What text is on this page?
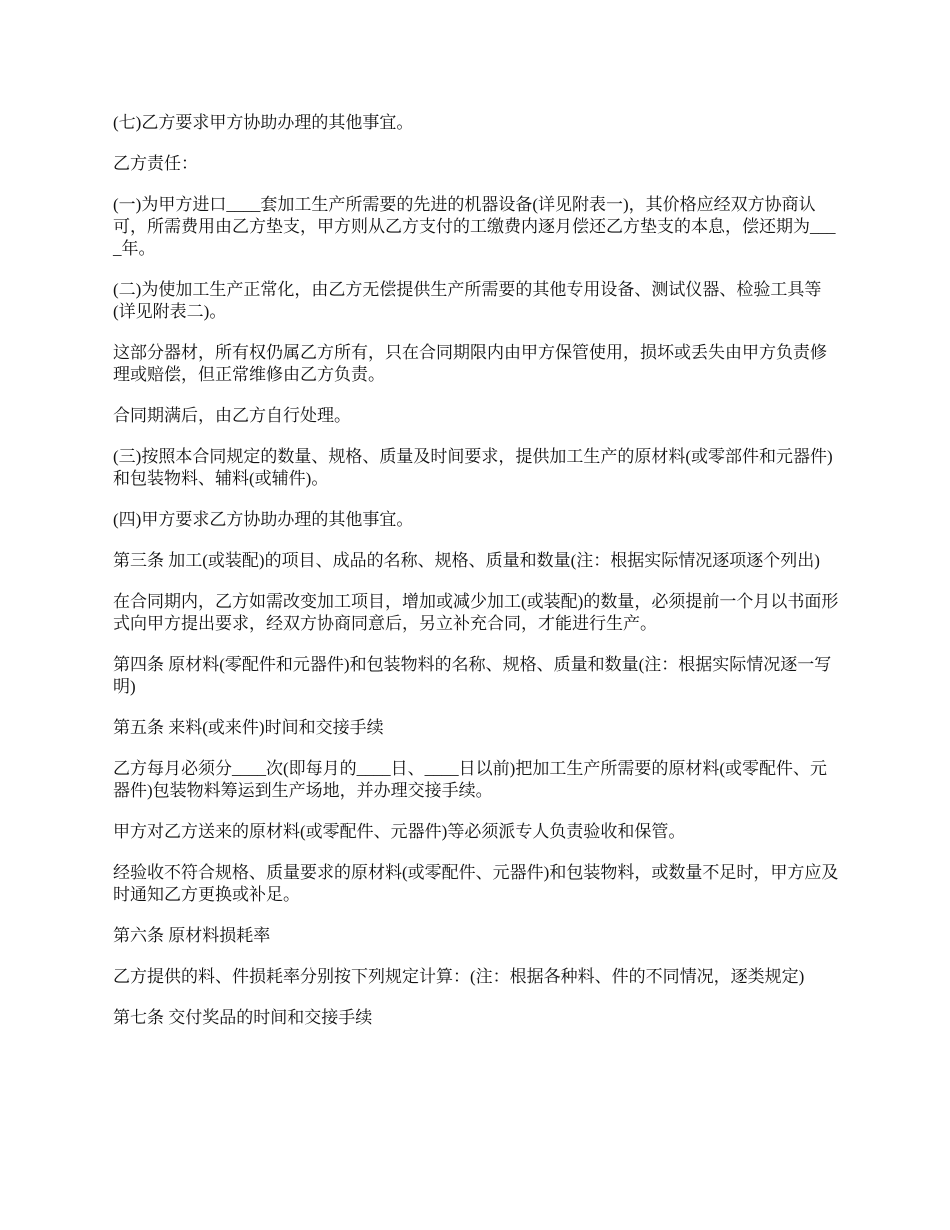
(七)乙方要求甲方协助办理的其他事宜。

乙方责任：

(一)为甲方进口____套加工生产所需要的先进的机器设备(详见附表一)，其价格应经双方协商认可，所需费用由乙方垫支，甲方则从乙方支付的工缴费内逐月偿还乙方垫支的本息，偿还期为____年。

(二)为使加工生产正常化，由乙方无偿提供生产所需要的其他专用设备、测试仪器、检验工具等(详见附表二)。

这部分器材，所有权仍属乙方所有，只在合同期限内由甲方保管使用，损坏或丢失由甲方负责修理或赔偿，但正常维修由乙方负责。

合同期满后，由乙方自行处理。

(三)按照本合同规定的数量、规格、质量及时间要求，提供加工生产的原材料(或零部件和元器件)和包装物料、辅料(或辅件)。

(四)甲方要求乙方协助办理的其他事宜。

第三条 加工(或装配)的项目、成品的名称、规格、质量和数量(注：根据实际情况逐项逐个列出)

在合同期内，乙方如需改变加工项目，增加或减少加工(或装配)的数量，必须提前一个月以书面形式向甲方提出要求，经双方协商同意后，另立补充合同，才能进行生产。

第四条 原材料(零配件和元器件)和包装物料的名称、规格、质量和数量(注：根据实际情况逐一写明)

第五条 来料(或来件)时间和交接手续

乙方每月必须分____次(即每月的____日、____日以前)把加工生产所需要的原材料(或零配件、元器件)包装物料筹运到生产场地，并办理交接手续。

甲方对乙方送来的原材料(或零配件、元器件)等必须派专人负责验收和保管。

经验收不符合规格、质量要求的原材料(或零配件、元器件)和包装物料，或数量不足时，甲方应及时通知乙方更换或补足。

第六条 原材料损耗率

乙方提供的料、件损耗率分别按下列规定计算：(注：根据各种料、件的不同情况，逐类规定)

第七条 交付奖品的时间和交接手续
